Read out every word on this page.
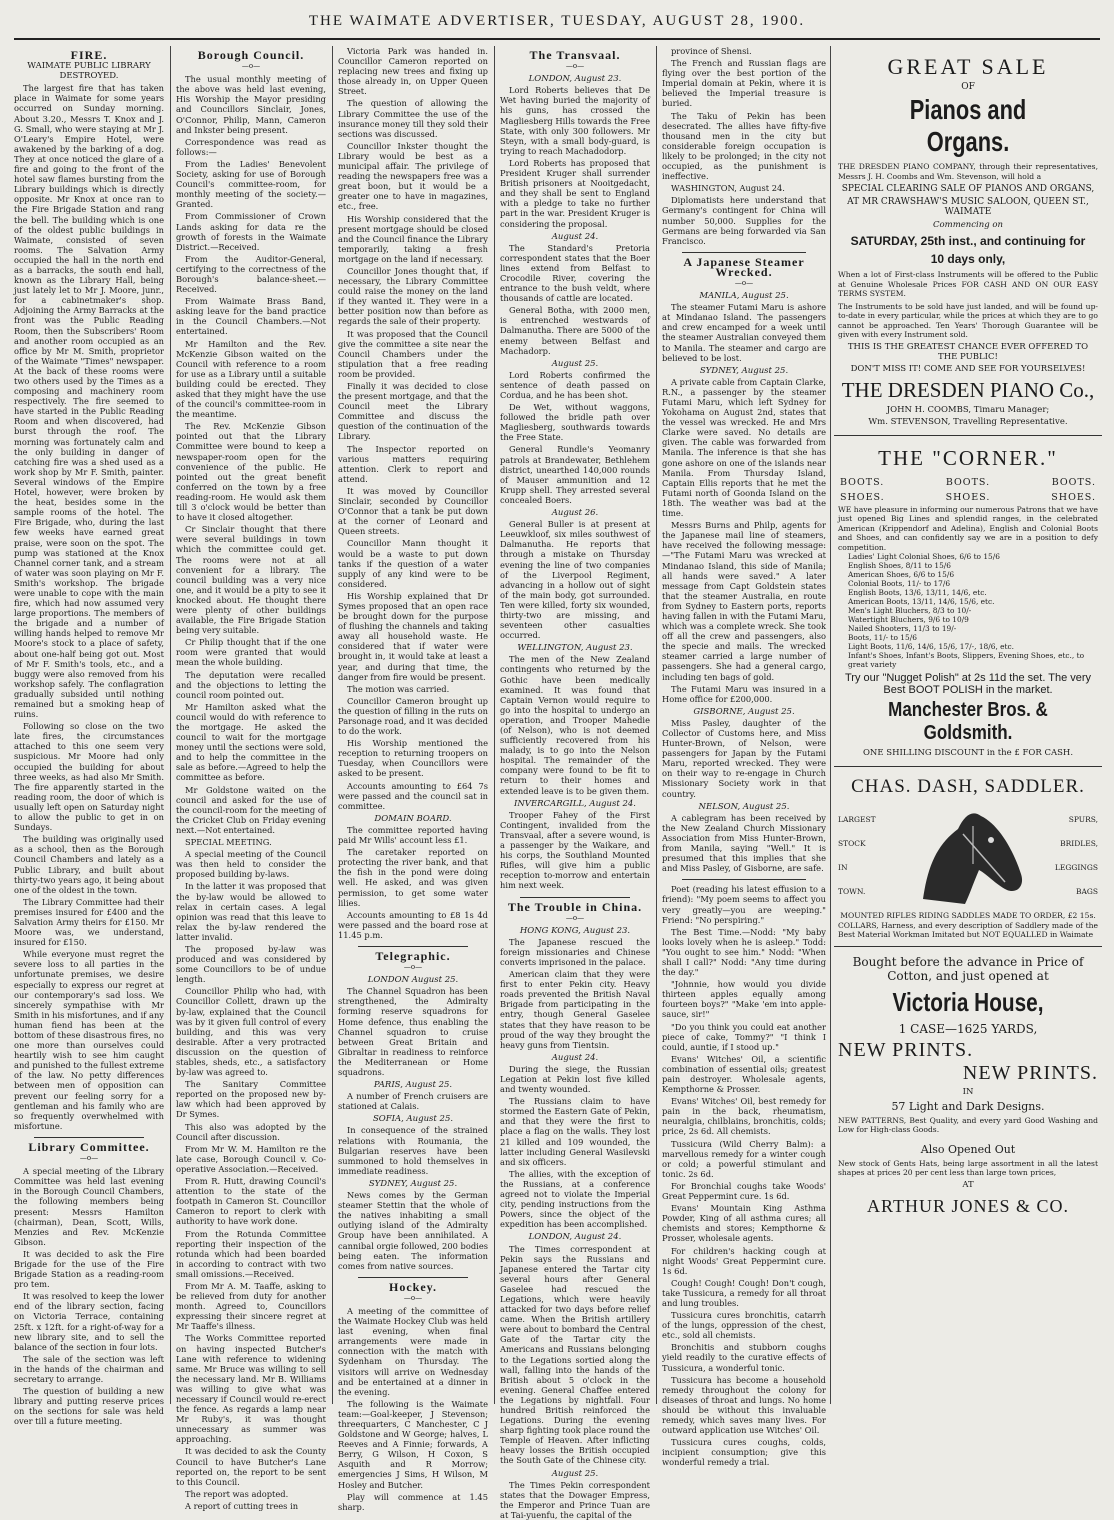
THE WAIMATE ADVERTISER, TUESDAY, AUGUST 28, 1900.
FIRE.
WAIMATE PUBLIC LIBRARY DESTROYED.

The largest fire that has taken place in Waimate for some years occurred on Sunday morning. About 3.20., Messrs T. Knox and J. G. Small, who were staying at Mr J. O'Leary's Empire Hotel, were awakened by the barking of a dog. They at once noticed the glare of a fire and going to the front of the hotel saw flames bursting from the Library buildings which is directly opposite. Mr Knox at once ran to the Fire Brigade Station and rang the bell. The building which is one of the oldest public buildings in Waimate, consisted of seven rooms. The Salvation Army occupied the hall in the north end as a barracks, the south end hall, known as the Library Hall, being just lately let to Mr J. Moore, junr., for a cabinetmaker's shop. Adjoining the Army Barracks at the front was the Public Reading Room, then the Subscribers' Room and another room occupied as an office by Mr M. Smith, proprietor of the Waimate "Times" newspaper. At the back of these rooms were two others used by the Times as a composing and machinery room respectively. The fire seemed to have started in the Public Reading Room and when discovered, had burst through the roof. The morning was fortunately calm and the only building in danger of catching fire was a shed used as a work shop by Mr F. Smith, painter. Several windows of the Empire Hotel, however, were broken by the heat, besides some in the sample rooms of the hotel. The Fire Brigade, who, during the last few weeks have earned great praise, were soon on the spot. The pump was stationed at the Knox Channel corner tank, and a stream of water was soon playing on Mr F. Smith's workshop. The brigade were unable to cope with the main fire, which had now assumed very large proportions. The members of the brigade and a number of willing hands helped to remove Mr Moore's stock to a place of safety, about one-half being got out. Most of Mr F. Smith's tools, etc., and a buggy were also removed from his workshop safely. The conflagration gradually subsided until nothing remained but a smoking heap of ruins.

Following so close on the two late fires, the circumstances attached to this one seem very suspicious. Mr Moore had only occupied the building for about three weeks, as had also Mr Smith. The fire apparently started in the reading room, the door of which is usually left open on Saturday night to allow the public to get in on Sundays.

The building was originally used as a school, then as the Borough Council Chambers and lately as a Public Library, and built about thirty-two years ago, it being about one of the oldest in the town.

The Library Committee had their premises insured for £400 and the Salvation Army theirs for £150. Mr Moore was, we understand, insured for £150.

While everyone must regret the severe loss to all parties in the unfortunate premises, we desire especially to express our regret at our contemporary's sad loss. We sincerely sympathise with Mr Smith in his misfortunes, and if any human fiend has been at the bottom of these disastrous fires, no one more than ourselves could heartily wish to see him caught and punished to the fullest extreme of the law. No petty differences between men of opposition can prevent our feeling sorry for a gentleman and his family who are so frequently overwhelmed with misfortune.

Library Committee.
—o—

A special meeting of the Library Committee was held last evening in the Borough Council Chambers, the following members being present: Messrs Hamilton (chairman), Dean, Scott, Wills, Menzies and Rev. McKenzie Gibson.

It was decided to ask the Fire Brigade for the use of the Fire Brigade Station as a reading-room pro tem.

It was resolved to keep the lower end of the library section, facing on Victoria Terrace, containing 25ft. x 12ft. for a right-of-way for a new library site, and to sell the balance of the section in four lots.

The sale of the section was left in the hands of the chairman and secretary to arrange.

The question of building a new library and putting reserve prices on the sections for sale was held over till a future meeting.

Borough Council.
—o—

The usual monthly meeting of the above was held last evening, His Worship the Mayor presiding and Councillors Sinclair, Jones, O'Connor, Philip, Mann, Cameron and Inkster being present.

Correspondence was read as follows:—

From the Ladies' Benevolent Society, asking for use of Borough Council's committee-room, for monthly meeting of the society.—Granted.

From Commissioner of Crown Lands asking for data re the growth of forests in the Waimate District.—Received.

From the Auditor-General, certifying to the correctness of the Borough's balance-sheet.—Received.

From Waimate Brass Band, asking leave for the band practice in the Council Chambers.—Not entertained.

Mr Hamilton and the Rev. McKenzie Gibson waited on the Council with reference to a room for use as a Library until a suitable building could be erected. They asked that they might have the use of the council's committee-room in the meantime.

The Rev. McKenzie Gibson pointed out that the Library Committee were bound to keep a newspaper-room open for the convenience of the public. He pointed out the great benefit conferred on the town by a free reading-room. He would ask them till 3 o'clock would be better than to have it closed altogether.

Cr Sinclair thought that there were several buildings in town which the committee could get. The rooms were not at all convenient for a library. The council building was a very nice one, and it would be a pity to see it knocked about. He thought there were plenty of other buildings available, the Fire Brigade Station being very suitable.

Cr Philip thought that if the one room were granted that would mean the whole building.

The deputation were recalled and the objections to letting the council room pointed out.

Mr Hamilton asked what the council would do with reference to the mortgage. He asked the council to wait for the mortgage money until the sections were sold, and to help the committee in the sale as before.—Agreed to help the committee as before.

Mr Goldstone waited on the council and asked for the use of the council-room for the meeting of the Cricket Club on Friday evening next.—Not entertained.

SPECIAL MEETING.

A special meeting of the Council was then held to consider the proposed building by-laws.

In the latter it was proposed that the by-law would be allowed to relax in certain cases. A legal opinion was read that this leave to relax the by-law rendered the latter invalid.

The proposed by-law was produced and was considered by some Councillors to be of undue length.

Councillor Philip who had, with Councillor Collett, drawn up the by-law, explained that the Council was by it given full control of every building, and this was very desirable. After a very protracted discussion on the question of stables, sheds, etc., a satisfactory by-law was agreed to.

The Sanitary Committee reported on the proposed new by-law which had been approved by Dr Symes.

This also was adopted by the Council after discussion.

From Mr W. M. Hamilton re the late case, Borough Council v. Co-operative Association.—Received.

From R. Hutt, drawing Council's attention to the state of the footpath in Cameron St. Councillor Cameron to report to clerk with authority to have work done.

From the Rotunda Committee reporting their inspection of the rotunda which had been boarded in according to contract with two small omissions.—Received.

From Mr A. M. Taaffe, asking to be relieved from duty for another month. Agreed to, Councillors expressing their sincere regret at Mr Taaffe's illness.

The Works Committee reported on having inspected Butcher's Lane with reference to widening same. Mr Bruce was willing to sell the necessary land. Mr B. Williams was willing to give what was necessary if Council would re-erect the fence. As regards a lamp near Mr Ruby's, it was thought unnecessary as summer was approaching.

It was decided to ask the County Council to have Butcher's Lane reported on, the report to be sent to this Council.

The report was adopted.

A report of cutting trees in

Victoria Park was handed in. Councillor Cameron reported on replacing new trees and fixing up those already in, on Upper Queen Street.

The question of allowing the Library Committee the use of the insurance money till they sold their sections was discussed.

Councillor Inkster thought the Library would be best as a municipal affair. The privilege of reading the newspapers free was a great boon, but it would be a greater one to have in magazines, etc., free.

His Worship considered that the present mortgage should be closed and the Council finance the Library temporarily, taking a fresh mortgage on the land if necessary.

Councillor Jones thought that, if necessary, the Library Committee could raise the money on the land if they wanted it. They were in a better position now than before as regards the sale of their property.

It was proposed that the Council give the committee a site near the Council Chambers under the stipulation that a free reading room be provided.

Finally it was decided to close the present mortgage, and that the Council meet the Library Committee and discuss the question of the continuation of the Library.

The Inspector reported on various matters requiring attention. Clerk to report and attend.

It was moved by Councillor Sinclair, seconded by Councillor O'Connor that a tank be put down at the corner of Leonard and Queen streets.

Councillor Mann thought it would be a waste to put down tanks if the question of a water supply of any kind were to be considered.

His Worship explained that Dr Symes proposed that an open race be brought down for the purpose of flushing the channels and taking away all household waste. He considered that if water were brought in, it would take at least a year, and during that time, the danger from fire would be present.

The motion was carried.

Councillor Cameron brought up the question of filling in the ruts on Parsonage road, and it was decided to do the work.

His Worship mentioned the reception to returning troopers on Tuesday, when Councillors were asked to be present.

Accounts amounting to £64 7s were passed and the council sat in committee.

DOMAIN BOARD.

The committee reported having paid Mr Wills' account less £1.

The caretaker reported on protecting the river bank, and that the fish in the pond were doing well. He asked, and was given permission, to get some water lilies.

Accounts amounting to £8 1s 4d were passed and the board rose at 11.45 p.m.

Telegraphic.
—o—
LONDON August 25.

The Channel Squadron has been strengthened, the Admiralty forming reserve squadrons for Home defence, thus enabling the Channel squadron to cruise between Great Britain and Gibraltar in readiness to reinforce the Mediterranean or Home squadrons.

PARIS, August 25.

A number of French cruisers are stationed at Calais.

SOFIA, August 25.

In consequence of the strained relations with Roumania, the Bulgarian reserves have been summoned to hold themselves in immediate readiness.

SYDNEY, August 25.

News comes by the German steamer Stettin that the whole of the natives inhabiting a small outlying island of the Admiralty Group have been annihilated. A cannibal orgie followed, 200 bodies being eaten. The information comes from native sources.

Hockey.
—o—

A meeting of the committee of the Waimate Hockey Club was held last evening, when final arrangements were made in connection with the match with Sydenham on Thursday. The visitors will arrive on Wednesday and be entertained at a dinner in the evening.

The following is the Waimate team:—Goal-keeper, J Stevenson; threequarters, C Manchester, C J Goldstone and W George; halves, L Reeves and A Finnie; forwards, A Berry, G Wilson, H Coxon, S Asquith and R Morrow; emergencies J Sims, H Wilson, M Hosley and Butcher.

Play will commence at 1.45 sharp.

The Transvaal.
—o—
LONDON, August 23.

Lord Roberts believes that De Wet having buried the majority of his guns, has crossed the Magliesberg Hills towards the Free State, with only 300 followers. Mr Steyn, with a small body-guard, is trying to reach Machadodorp.

Lord Roberts has proposed that President Kruger shall surrender British prisoners at Nooitgedacht, and they shall be sent to England with a pledge to take no further part in the war. President Kruger is considering the proposal.

August 24.

The Standard's Pretoria correspondent states that the Boer lines extend from Belfast to Crocodile River, covering the entrance to the bush veldt, where thousands of cattle are located.

General Botha, with 2000 men, is entrenched westwards of Dalmanutha. There are 5000 of the enemy between Belfast and Machadorp.

August 25.

Lord Roberts confirmed the sentence of death passed on Cordua, and he has been shot.

De Wet, without waggons, followed the bridle path over Magliesberg, southwards towards the Free State.

General Rundle's Yeomanry patrols at Brandewater, Bethlehem district, unearthed 140,000 rounds of Mauser ammunition and 12 Krupp shell. They arrested several concealed Boers.

August 26.

General Buller is at present at Leeuwkloof, six miles southwest of Dalmanutha. He reports that through a mistake on Thursday evening the line of two companies of the Liverpool Regiment, advancing in a hollow out of sight of the main body, got surrounded. Ten were killed, forty six wounded, thirty-two are missing, and seventeen other casualties occurred.

WELLINGTON, August 23.

The men of the New Zealand contingents who returned by the Gothic have been medically examined. It was found that Captain Vernon would require to go into the hospital to undergo an operation, and Trooper Mahedie (of Nelson), who is not deemed sufficiently recovered from his malady, is to go into the Nelson hospital. The remainder of the company were found to be fit to return to their homes and extended leave is to be given them.

INVERCARGILL, August 24.

Trooper Fahey of the First Contingent, invalided from the Transvaal, after a severe wound, is a passenger by the Waikare, and his corps, the Southland Mounted Rifles, will give him a public reception to-morrow and entertain him next week.

The Trouble in China.
—o—
HONG KONG, August 23.

The Japanese rescued the foreign missionaries and Chinese converts imprisoned in the palace.

American claim that they were first to enter Pekin city. Heavy roads prevented the British Naval Brigade from participating in the entry, though General Gaselee states that they have reason to be proud of the way they brought the heavy guns from Tientsin.

August 24.

During the siege, the Russian Legation at Pekin lost five killed and twenty wounded.

The Russians claim to have stormed the Eastern Gate of Pekin, and that they were the first to place a flag on the walls. They lost 21 killed and 109 wounded, the latter including General Wasilevski and six officers.

The allies, with the exception of the Russians, at a conference agreed not to violate the Imperial city, pending instructions from the Powers, since the object of the expedition has been accomplished.

LONDON, August 24.

The Times correspondent at Pekin says the Russians and Japanese entered the Tartar city several hours after General Gaselee had rescued the Legations, which were heavily attacked for two days before relief came. When the British artillery were about to bombard the Central Gate of the Tartar city the Americans and Russians belonging to the Legations sortied along the wall, falling into the hands of the British about 5 o'clock in the evening. General Chaffee entered the Legations by nightfall. Four hundred British reinforced the Legations. During the evening sharp fighting took place round the Temple of Heaven. After inflicting heavy losses the British occupied the South Gate of the Chinese city.

August 25.

The Times Pekin correspondent states that the Dowager Empress, the Emperor and Prince Tuan are at Tai-yuenfu, the capital of the

province of Shensi.

The French and Russian flags are flying over the best portion of the Imperial domain at Pekin, where it is believed the Imperial treasure is buried.

The Taku of Pekin has been desecrated. The allies have fifty-five thousand men in the city but considerable foreign occupation is likely to be prolonged; in the city not occupied, as the punishment is ineffective.

WASHINGTON, August 24.

Diplomatists here understand that Germany's contingent for China will number 50,000. Supplies for the Germans are being forwarded via San Francisco.

A Japanese Steamer Wrecked.
—o—
MANILA, August 25.

The steamer Futami Maru is ashore at Mindanao Island. The passengers and crew encamped for a week until the steamer Australian conveyed them to Manila. The steamer and cargo are believed to be lost.

SYDNEY, August 25.

A private cable from Captain Clarke, R.N., a passenger by the steamer Futami Maru, which left Sydney for Yokohama on August 2nd, states that the vessel was wrecked. He and Mrs Clarke were saved. No details are given. The cable was forwarded from Manila. The inference is that she has gone ashore on one of the islands near Manila. From Thursday Island, Captain Ellis reports that he met the Futami north of Goonda Island on the 18th. The weather was bad at the time.

Messrs Burns and Philp, agents for the Japanese mail line of steamers, have received the following message:—"The Futami Maru was wrecked at Mindanao Island, this side of Manila; all hands were saved." A later message from Capt Goldstein states that the steamer Australia, en route from Sydney to Eastern ports, reports having fallen in with the Futami Maru, which was a complete wreck. She took off all the crew and passengers, also the specie and mails. The wrecked steamer carried a large number of passengers. She had a general cargo, including ten bags of gold.

The Futami Maru was insured in a Home office for £200,000.

GISBORNE, August 25.

Miss Pasley, daughter of the Collector of Customs here, and Miss Hunter-Brown, of Nelson, were passengers for Japan by the Futami Maru, reported wrecked. They were on their way to re-engage in Church Missionary Society work in that country.

NELSON, August 25.

A cablegram has been received by the New Zealand Church Missionary Association from Miss Hunter-Brown, from Manila, saying "Well." It is presumed that this implies that she and Miss Pasley, of Gisborne, are safe.

Poet (reading his latest effusion to a friend): "My poem seems to affect you very greatly—you are weeping." Friend: "No perspiring."

The Best Time.—Nodd: "My baby looks lovely when he is asleep." Todd: "You ought to see him." Nodd: "When shall I call?" Nodd: "Any time during the day."

"Johnnie, how would you divide thirteen apples equally among fourteen boys?" "Make 'em into apple-sauce, sir!"

"Do you think you could eat another piece of cake, Tommy?" "I think I could, auntie, if I stood up."

Evans' Witches' Oil, a scientific combination of essential oils; greatest pain destroyer. Wholesale agents, Kempthorne & Prosser.

Evans' Witches' Oil, best remedy for pain in the back, rheumatism, neuralgia, chilblains, bronchitis, colds; price, 2s 6d. All chemists.

Tussicura (Wild Cherry Balm): a marvellous remedy for a winter cough or cold; a powerful stimulant and tonic. 2s 6d.

For Bronchial coughs take Woods' Great Peppermint cure. 1s 6d.

Evans' Mountain King Asthma Powder, King of all asthma cures; all chemists and stores; Kempthorne & Prosser, wholesale agents.

For children's hacking cough at night Woods' Great Peppermint cure. 1s 6d.

Cough! Cough! Cough! Don't cough, take Tussicura, a remedy for all throat and lung troubles.

Tussicura cures bronchitis, catarrh of the lungs, oppression of the chest, etc., sold all chemists.

Bronchitis and stubborn coughs yield readily to the curative effects of Tussicura, a wonderful tonic.

Tussicura has become a household remedy throughout the colony for diseases of throat and lungs. No home should be without this invaluable remedy, which saves many lives. For outward application use Witches' Oil.

Tussicura cures coughs, colds, incipient consumption; give this wonderful remedy a trial.

GREAT SALE
OF
Pianos and Organs.
THE DRESDEN PIANO COMPANY, through their representatives, Messrs J. H. Coombs and Wm. Stevenson, will hold a
SPECIAL CLEARING SALE OF PIANOS AND ORGANS,
AT MR CRAWSHAW'S MUSIC SALOON, QUEEN ST., WAIMATE
Commencing on
SATURDAY, 25th inst., and continuing for
10 days only,
When a lot of First-class Instruments will be offered to the Public at Genuine Wholesale Prices FOR CASH AND ON OUR EASY TERMS SYSTEM.
The Instruments to be sold have just landed, and will be found up-to-date in every particular, while the prices at which they are to go cannot be approached. Ten Years' Thorough Guarantee will be given with every Instrument sold.
THIS IS THE GREATEST CHANCE EVER OFFERED TO THE PUBLIC!
DON'T MISS IT! COME AND SEE FOR YOURSELVES!
THE DRESDEN PIANO Co.,
JOHN H. COOMBS, Timaru Manager;
Wm. STEVENSON, Travelling Representative.
THE "CORNER."
BOOTS.	BOOTS.	BOOTS.
SHOES.	SHOES.	SHOES.
WE have pleasure in informing our numerous Patrons that we have just opened Big Lines and splendid ranges, in the celebrated American (Krippendorf and Adelina), English and Colonial Boots and Shoes, and can confidently say we are in a position to defy competition.
Ladies' Light Colonial Shoes, 6/6 to 15/6
English Shoes, 8/11 to 15/6
American Shoes, 6/6 to 15/6
Colonial Boots, 11/- to 17/6
English Boots, 13/6, 13/11, 14/6, etc.
American Boots, 13/11, 14/6, 15/6, etc.
Men's Light Bluchers, 8/3 to 10/-
Watertight Bluchers, 9/6 to 10/9
Nailed Shooters, 11/3 to 19/-
Boots, 11/- to 15/6
Light Boots, 11/6, 14/6, 15/6, 17/-, 18/6, etc.
Infant's Shoes, Infant's Boots, Slippers, Evening Shoes, etc., to great variety
Try our "Nugget Polish" at 2s 11d the set. The very Best BOOT POLISH in the market.
Manchester Bros. & Goldsmith.
ONE SHILLING DISCOUNT in the £ FOR CASH.
CHAS. DASH, SADDLER.
LARGEST
STOCK
IN
TOWN.
SPURS,
BRIDLES,
LEGGINGS
BAGS
MOUNTED RIFLES RIDING SADDLES MADE TO ORDER, £2 15s.
COLLARS, Harness, and every description of Saddlery made of the Best Material Workman Imitated but NOT EQUALLED in Waimate
Bought before the advance in Price of Cotton, and just opened at
Victoria House,
1 CASE—1625 YARDS,
NEW PRINTS.
NEW PRINTS.
IN
57 Light and Dark Designs.
NEW PATTERNS, Best Quality, and every yard Good Washing and Low for High-class Goods.
Also Opened Out
New stock of Gents Hats, being large assortment in all the latest shapes at prices 20 per cent less than large town prices,
AT
ARTHUR JONES & CO.
